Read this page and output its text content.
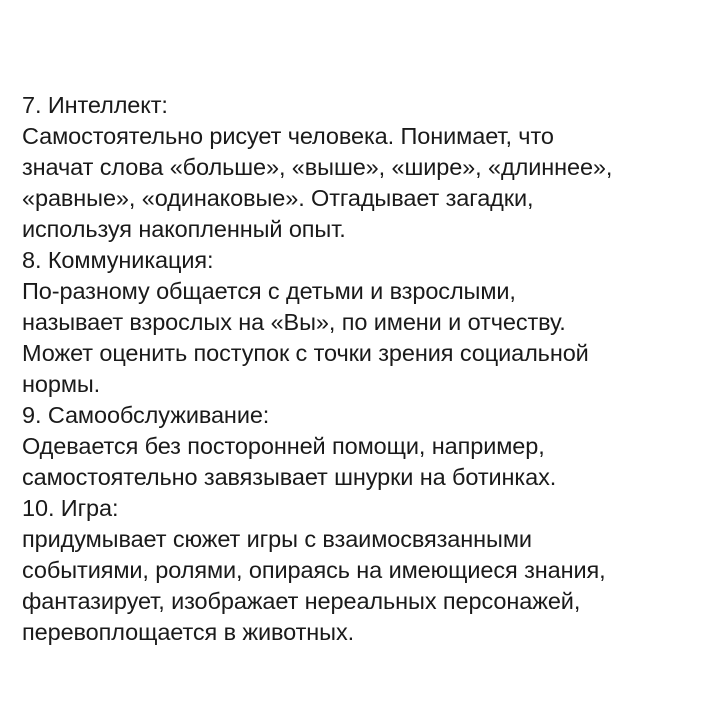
7. Интеллект:
Самостоятельно рисует человека. Понимает, что
значат слова «больше», «выше», «шире», «длиннее»,
«равные», «одинаковые». Отгадывает загадки,
используя накопленный опыт.
8. Коммуникация:
По-разному общается с детьми и взрослыми,
называет взрослых на «Вы», по имени и отчеству.
Может оценить поступок с точки зрения социальной
нормы.
9. Самообслуживание:
Одевается без посторонней помощи, например,
самостоятельно завязывает шнурки на ботинках.
10. Игра:
придумывает сюжет игры с взаимосвязанными
событиями, ролями, опираясь на имеющиеся знания,
фантазирует, изображает нереальных персонажей,
перевоплощается в животных.
